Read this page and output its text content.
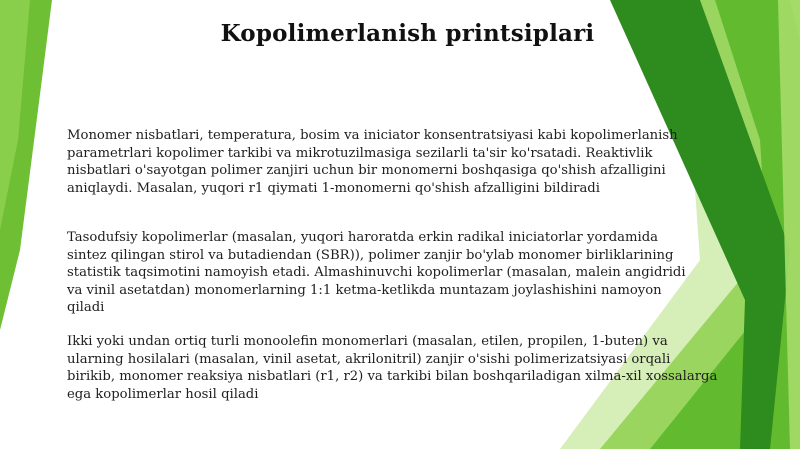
Kopolimerlanish printsiplari

Monomer nisbatlari, temperatura, bosim va iniciator konsentratsiyasi kabi kopolimerlanish
parametrlari kopolimer tarkibi va mikrotuzilmasiga sezilarli ta'sir ko'rsatadi. Reaktivlik
nisbatlari o'sayotgan polimer zanjiri uchun bir monomerni boshqasiga qo'shish afzalligini
aniqlaydi. Masalan, yuqori r1 qiymati 1-monomerni qo'shish afzalligini bildiradi

Tasodufsiy kopolimerlar (masalan, yuqori haroratda erkin radikal iniciatorlar yordamida
sintez qilingan stirol va butadiendan (SBR)), polimer zanjir bo'ylab monomer birliklarining
statistik taqsimotini namoyish etadi. Almashinuvchi kopolimerlar (masalan, malein angidridi
va vinil asetatdan) monomerlarning 1:1 ketma-ketlikda muntazam joylashishini namoyon
qiladi

Ikki yoki undan ortiq turli monoolefin monomerlari (masalan, etilen, propilen, 1-buten) va
ularning hosilalari (masalan, vinil asetat, akrilonitril) zanjir o'sishi polimerizatsiyasi orqali
birikib, monomer reaksiya nisbatlari (r1, r2) va tarkibi bilan boshqariladigan xilma-xil xossalarga
ega kopolimerlar hosil qiladi
